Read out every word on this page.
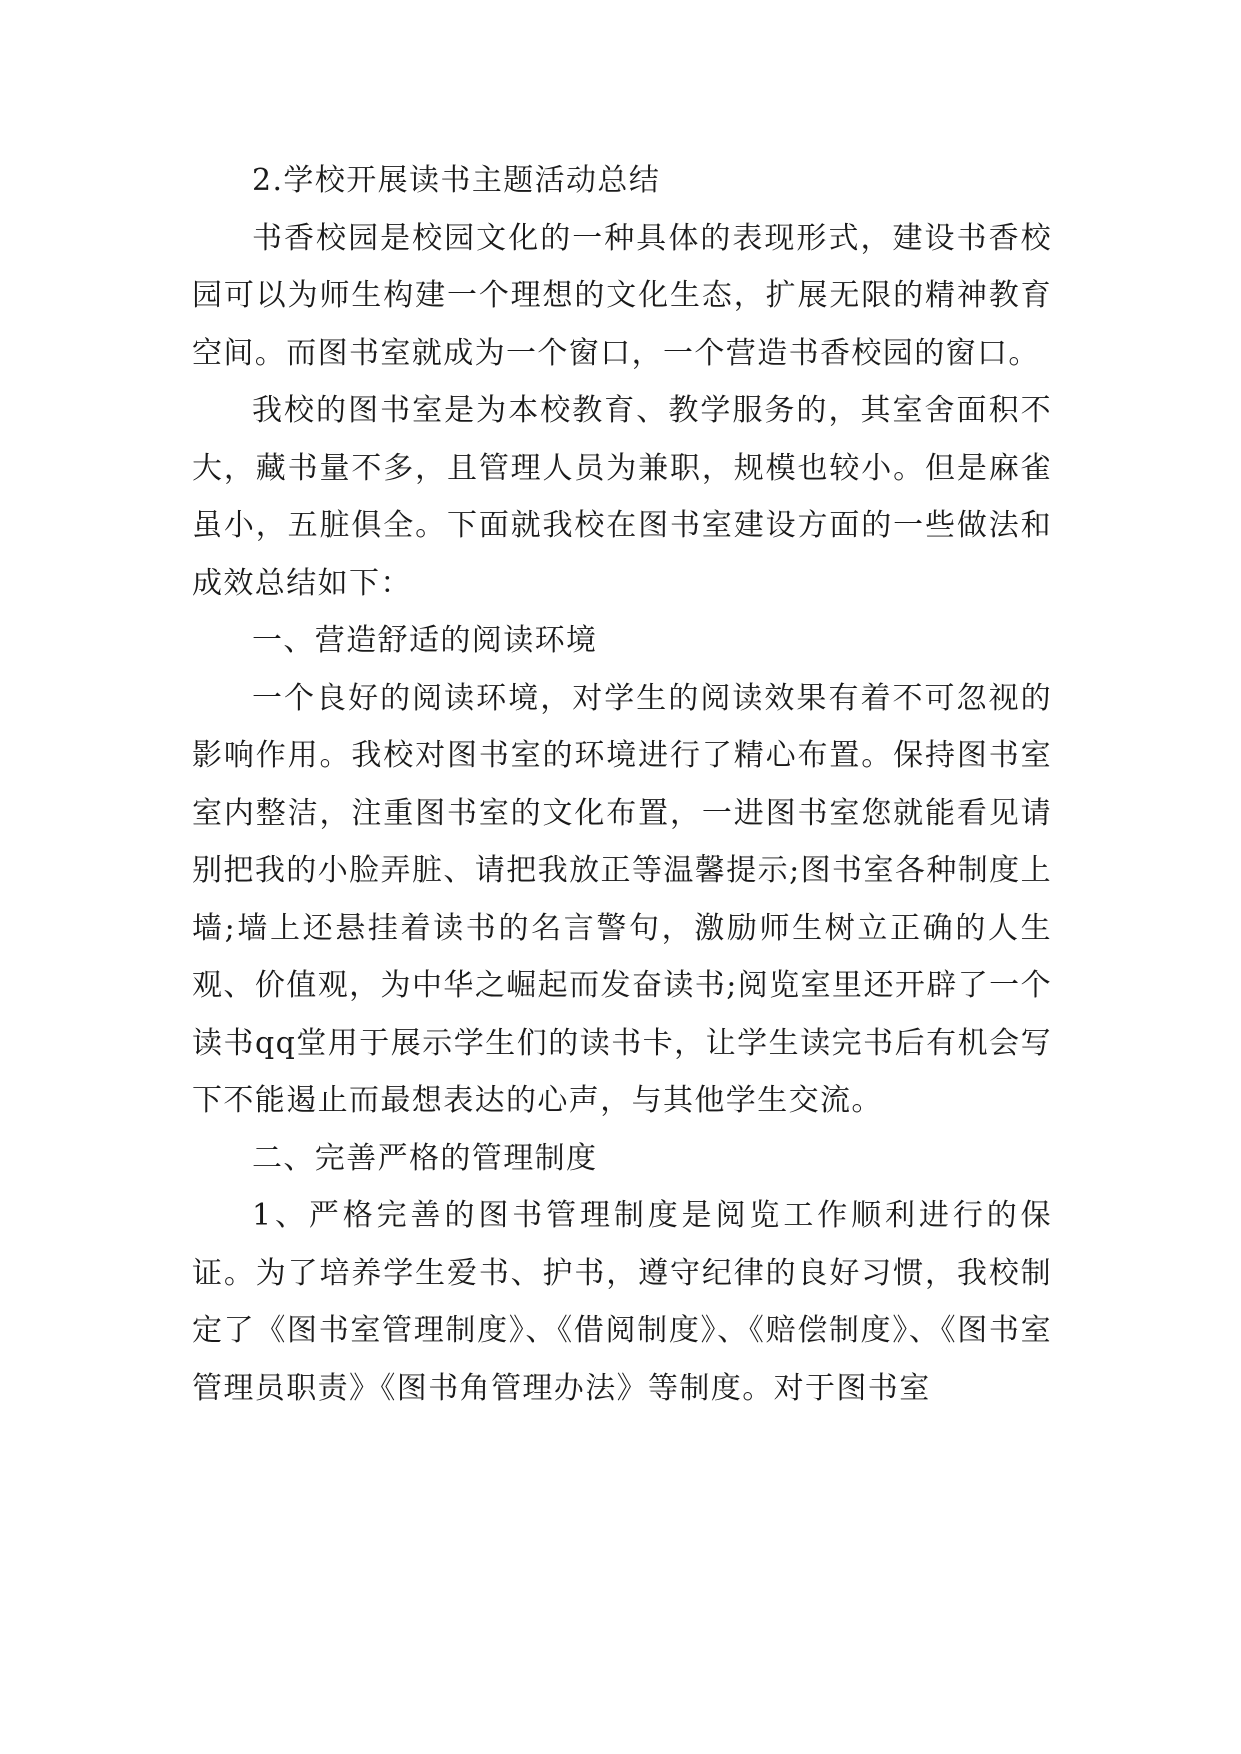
2.学校开展读书主题活动总结

书香校园是校园文化的一种具体的表现形式，建设书香校园可以为师生构建一个理想的文化生态，扩展无限的精神教育空间。而图书室就成为一个窗口，一个营造书香校园的窗口。

我校的图书室是为本校教育、教学服务的，其室舍面积不大，藏书量不多，且管理人员为兼职，规模也较小。但是麻雀虽小，五脏俱全。下面就我校在图书室建设方面的一些做法和成效总结如下：

一、营造舒适的阅读环境

一个良好的阅读环境，对学生的阅读效果有着不可忽视的影响作用。我校对图书室的环境进行了精心布置。保持图书室室内整洁，注重图书室的文化布置，一进图书室您就能看见请别把我的小脸弄脏、请把我放正等温馨提示;图书室各种制度上墙;墙上还悬挂着读书的名言警句，激励师生树立正确的人生观、价值观，为中华之崛起而发奋读书;阅览室里还开辟了一个读书qq堂用于展示学生们的读书卡，让学生读完书后有机会写下不能遏止而最想表达的心声，与其他学生交流。

二、完善严格的管理制度

1、严格完善的图书管理制度是阅览工作顺利进行的保证。为了培养学生爱书、护书，遵守纪律的良好习惯，我校制定了《图书室管理制度》、《借阅制度》、《赔偿制度》、《图书室管理员职责》《图书角管理办法》等制度。对于图书室
